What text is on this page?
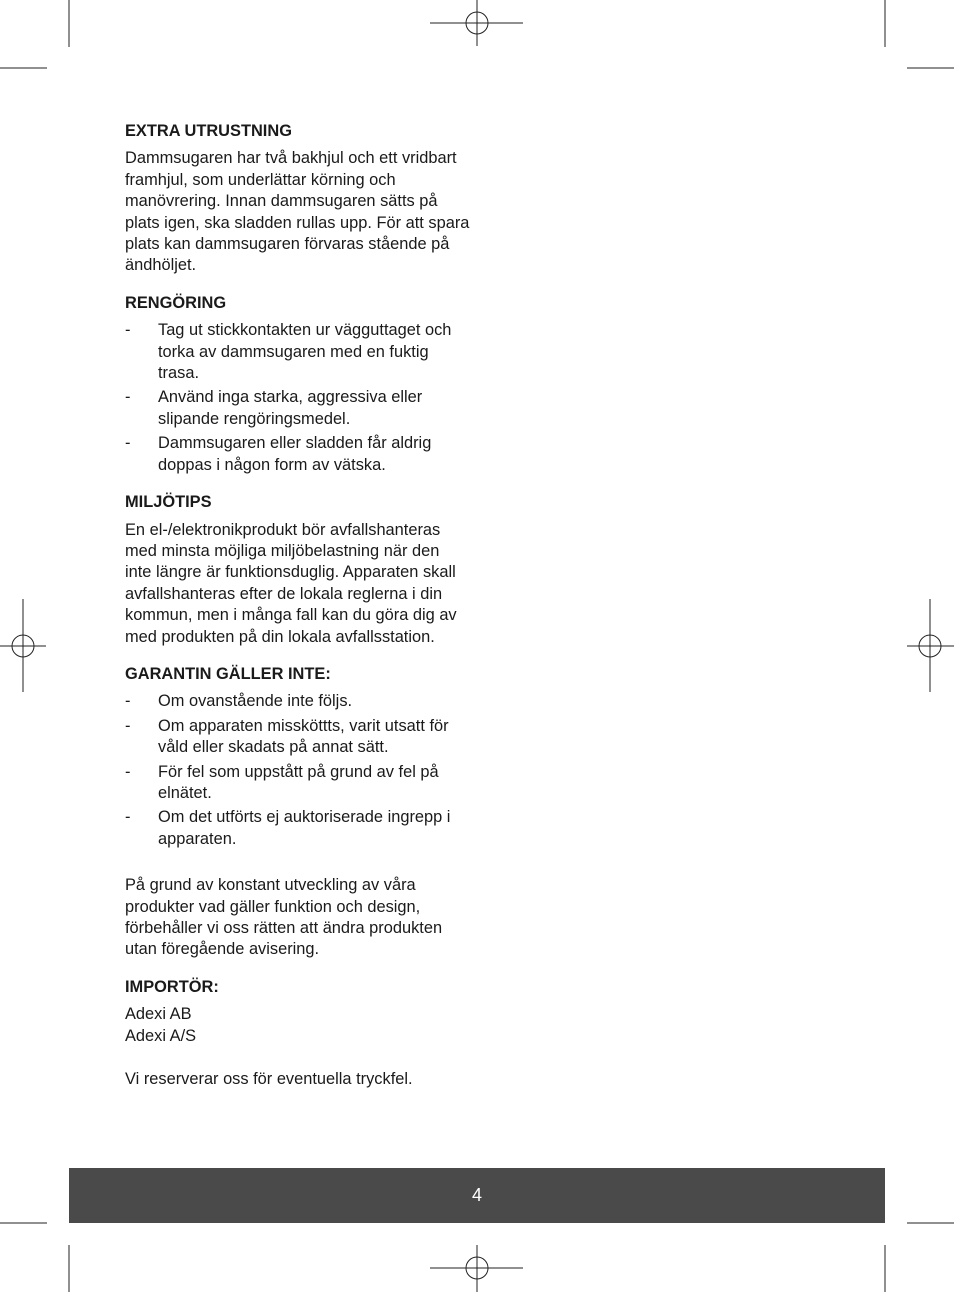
EXTRA UTRUSTNING

Dammsugaren har två bakhjul och ett vridbart framhjul, som underlättar körning och manövrering. Innan dammsugaren sätts på plats igen, ska sladden rullas upp. För att spara plats kan dammsugaren förvaras stående på ändhöljet.

RENGÖRING
- Tag ut stickkontakten ur vägguttaget och torka av dammsugaren med en fuktig trasa.
- Använd inga starka, aggressiva eller slipande rengöringsmedel.
- Dammsugaren eller sladden får aldrig doppas i någon form av vätska.
MILJÖTIPS

En el-/elektronikprodukt bör avfallshanteras med minsta möjliga miljöbelastning när den inte längre är funktionsduglig. Apparaten skall avfallshanteras efter de lokala reglerna i din kommun, men i många fall kan du göra dig av med produkten på din lokala avfallsstation.

GARANTIN GÄLLER INTE:
- Om ovanstående inte följs.
- Om apparaten missköttts, varit utsatt för våld eller skadats på annat sätt.
- För fel som uppstått på grund av fel på elnätet.
- Om det utförts ej auktoriserade ingrepp i apparaten.

På grund av konstant utveckling av våra produkter vad gäller funktion och design, förbehåller vi oss rätten att ändra produkten utan föregående avisering.

IMPORTÖR:

Adexi AB

Adexi A/S

Vi reserverar oss för eventuella tryckfel.

4
